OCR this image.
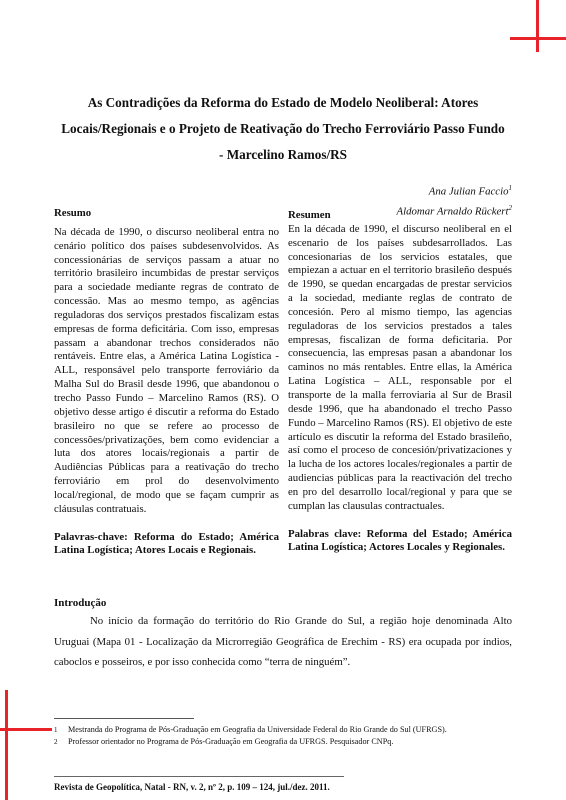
As Contradições da Reforma do Estado de Modelo Neoliberal: Atores Locais/Regionais e o Projeto de Reativação do Trecho Ferroviário Passo Fundo - Marcelino Ramos/RS
Ana Julian Faccio$^1$
Aldomar Arnaldo Rückert$^2$
Resumo

Na década de 1990, o discurso neoliberal entra no cenário político dos países subdesenvolvidos. As concessionárias de serviços passam a atuar no território brasileiro incumbidas de prestar serviços para a sociedade mediante regras de contrato de concessão. Mas ao mesmo tempo, as agências reguladoras dos serviços prestados fiscalizam estas empresas de forma deficitária. Com isso, empresas passam a abandonar trechos considerados não rentáveis. Entre elas, a América Latina Logística - ALL, responsável pelo transporte ferroviário da Malha Sul do Brasil desde 1996, que abandonou o trecho Passo Fundo – Marcelino Ramos (RS). O objetivo desse artigo é discutir a reforma do Estado brasileiro no que se refere ao processo de concessões/privatizações, bem como evidenciar a luta dos atores locais/regionais a partir de Audiências Públicas para a reativação do trecho ferroviário em prol do desenvolvimento local/regional, de modo que se façam cumprir as cláusulas contratuais.

Palavras-chave: Reforma do Estado; América Latina Logística; Atores Locais e Regionais.

Resumen

En la década de 1990, el discurso neoliberal en el escenario de los países subdesarrollados. Las concesionarias de los servicios estatales, que empiezan a actuar en el territorio brasileño después de 1990, se quedan encargadas de prestar servicios a la sociedad, mediante reglas de contrato de concesión. Pero al mismo tiempo, las agencias reguladoras de los servicios prestados a tales empresas, fiscalizan de forma deficitaria. Por consecuencia, las empresas pasan a abandonar los caminos no más rentables. Entre ellas, la América Latina Logística – ALL, responsable por el transporte de la malla ferroviaria al Sur de Brasil desde 1996, que ha abandonado el trecho Passo Fundo – Marcelino Ramos (RS). El objetivo de este artículo es discutir la reforma del Estado brasileño, así como el proceso de concesión/privatizaciones y la lucha de los actores locales/regionales a partir de audiencias públicas para la reactivación del trecho en pro del desarrollo local/regional y para que se cumplan las clausulas contractuales.

Palabras clave: Reforma del Estado; América Latina Logística; Actores Locales y Regionales.

Introdução

No início da formação do território do Rio Grande do Sul, a região hoje denominada Alto Uruguai (Mapa 01 - Localização da Microrregião Geográfica de Erechim - RS) era ocupada por índios, caboclos e posseiros, e por isso conhecida como “terra de ninguém”.

1	Mestranda do Programa de Pós-Graduação em Geografia da Universidade Federal do Rio Grande do Sul (UFRGS).
2	Professor orientador no Programa de Pós-Graduação em Geografia da UFRGS. Pesquisador CNPq.
Revista de Geopolítica, Natal - RN, v. 2, nº 2, p. 109 – 124, jul./dez. 2011.
